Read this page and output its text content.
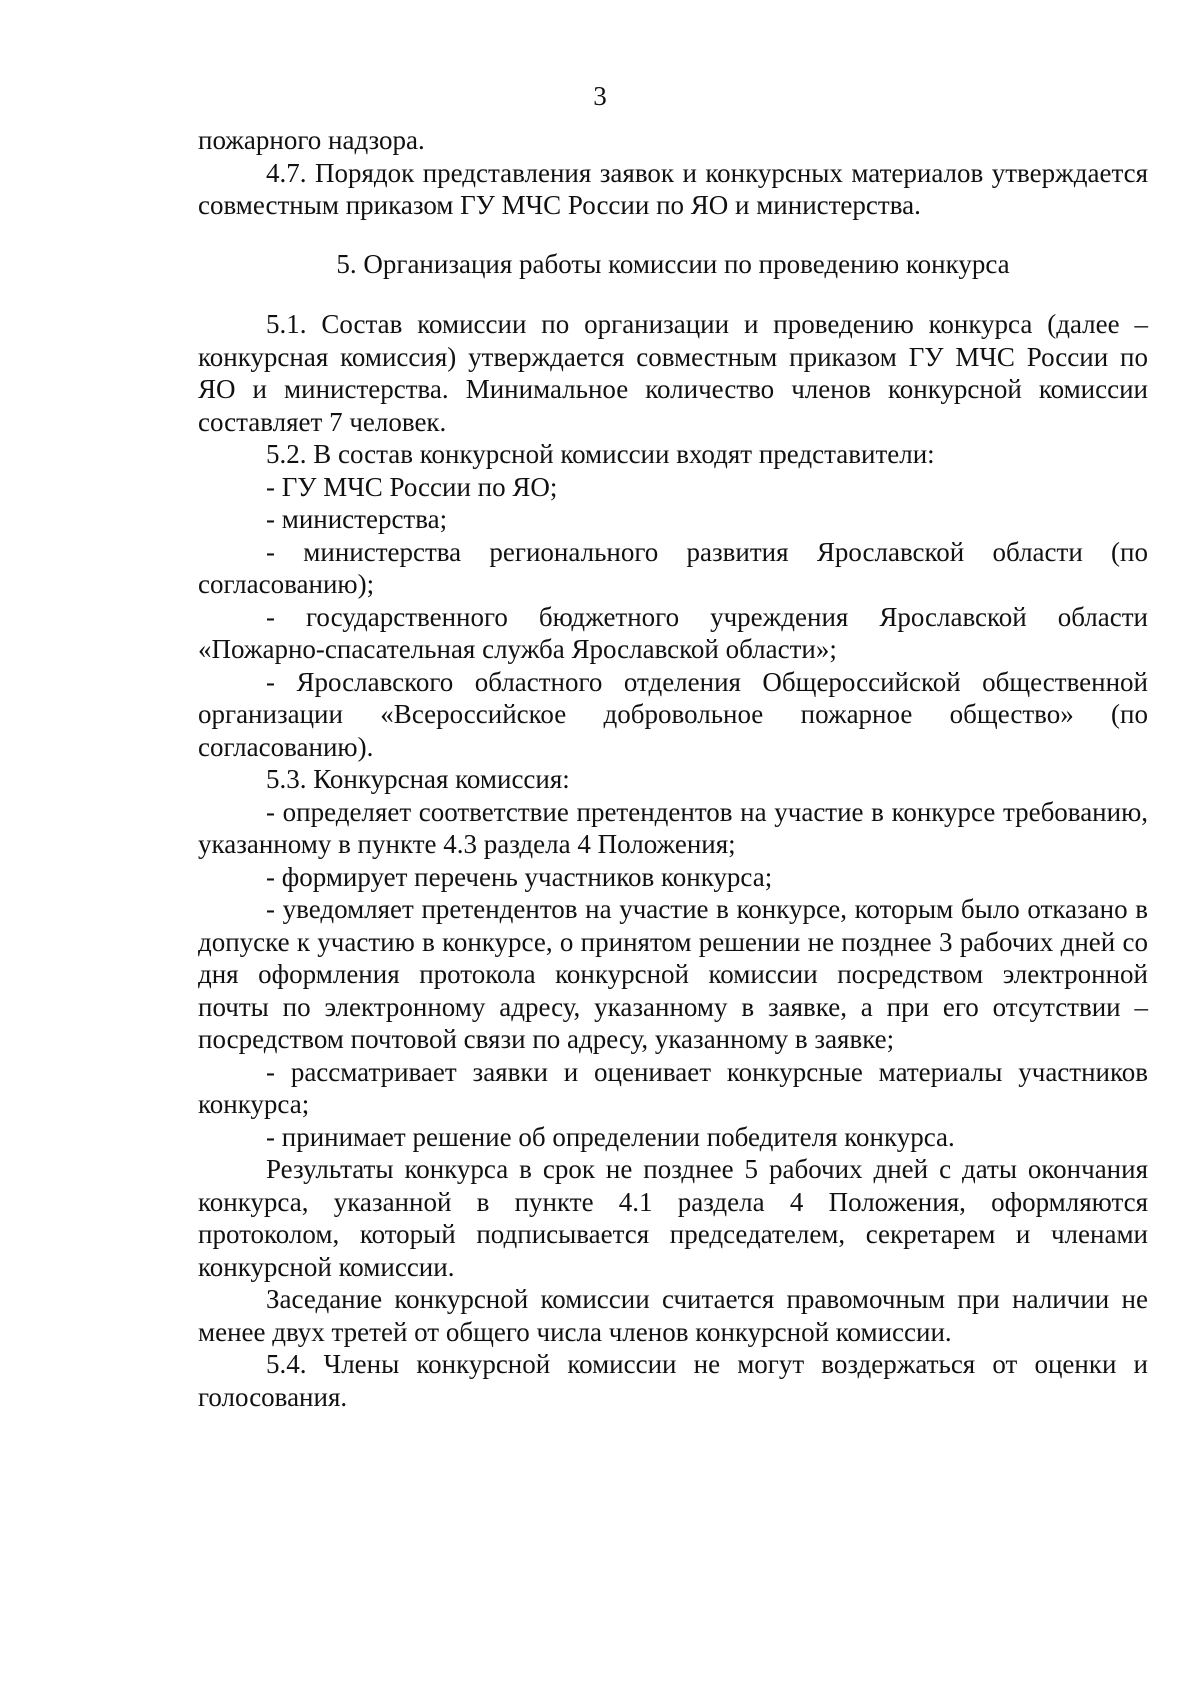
3

пожарного надзора.

4.7. Порядок представления заявок и конкурсных материалов утверждается совместным приказом ГУ МЧС России по ЯО и министерства.

5. Организация работы комиссии по проведению конкурса

5.1. Состав комиссии по организации и проведению конкурса (далее – конкурсная комиссия) утверждается совместным приказом ГУ МЧС России по ЯО и министерства. Минимальное количество членов конкурсной комиссии составляет 7 человек.

5.2. В состав конкурсной комиссии входят представители:

- ГУ МЧС России по ЯО;

- министерства;

- министерства регионального развития Ярославской области (по согласованию);

- государственного бюджетного учреждения Ярославской области «Пожарно-спасательная служба Ярославской области»;

- Ярославского областного отделения Общероссийской общественной организации «Всероссийское добровольное пожарное общество» (по согласованию).

5.3. Конкурсная комиссия:

- определяет соответствие претендентов на участие в конкурсе требованию, указанному в пункте 4.3 раздела 4 Положения;

- формирует перечень участников конкурса;

- уведомляет претендентов на участие в конкурсе, которым было отказано в допуске к участию в конкурсе, о принятом решении не позднее 3 рабочих дней со дня оформления протокола конкурсной комиссии посредством электронной почты по электронному адресу, указанному в заявке, а при его отсутствии – посредством почтовой связи по адресу, указанному в заявке;

- рассматривает заявки и оценивает конкурсные материалы участников конкурса;

- принимает решение об определении победителя конкурса.

Результаты конкурса в срок не позднее 5 рабочих дней с даты окончания конкурса, указанной в пункте 4.1 раздела 4 Положения, оформляются протоколом, который подписывается председателем, секретарем и членами конкурсной комиссии.

Заседание конкурсной комиссии считается правомочным при наличии не менее двух третей от общего числа членов конкурсной комиссии.

5.4. Члены конкурсной комиссии не могут воздержаться от оценки и голосования.
